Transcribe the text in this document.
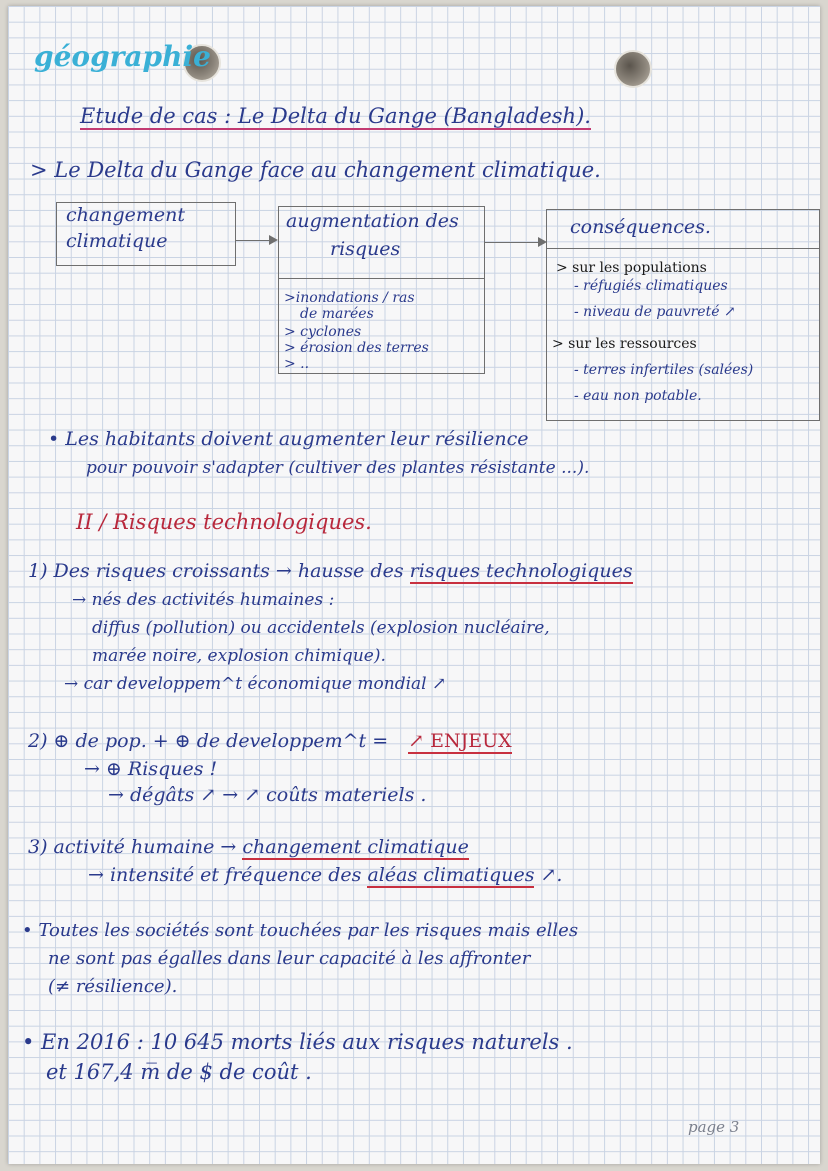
géographie
Etude de cas : Le Delta du Gange (Bangladesh).
> Le Delta du Gange face au changement climatique.
changement
climatique
augmentation des
risques
>inondations / ras
de marées
> cyclones
> érosion des terres
> ..
conséquences.
> sur les populations
- réfugiés climatiques
- niveau de pauvreté ↗
> sur les ressources
- terres infertiles (salées)
- eau non potable.
• Les habitants doivent augmenter leur résilience
pour pouvoir s'adapter (cultiver des plantes résistante ...).
II / Risques technologiques.
1) Des risques croissants → hausse des risques technologiques
→ nés des activités humaines :
diffus (pollution) ou accidentels (explosion nucléaire,
marée noire, explosion chimique).
→ car developpem^t économique mondial ↗
2) ⊕ de pop. + ⊕ de developpem^t = ↗ ENJEUX
→ ⊕ Risques !
→ dégâts ↗ → ↗ coûts materiels .
3) activité humaine → changement climatique
→ intensité et fréquence des aléas climatiques ↗.
• Toutes les sociétés sont touchées par les risques mais elles
ne sont pas égalles dans leur capacité à les affronter
(≠ résilience).
• En 2016 : 10 645 morts liés aux risques naturels .
et 167,4 m̅ de $ de coût .
page 3
